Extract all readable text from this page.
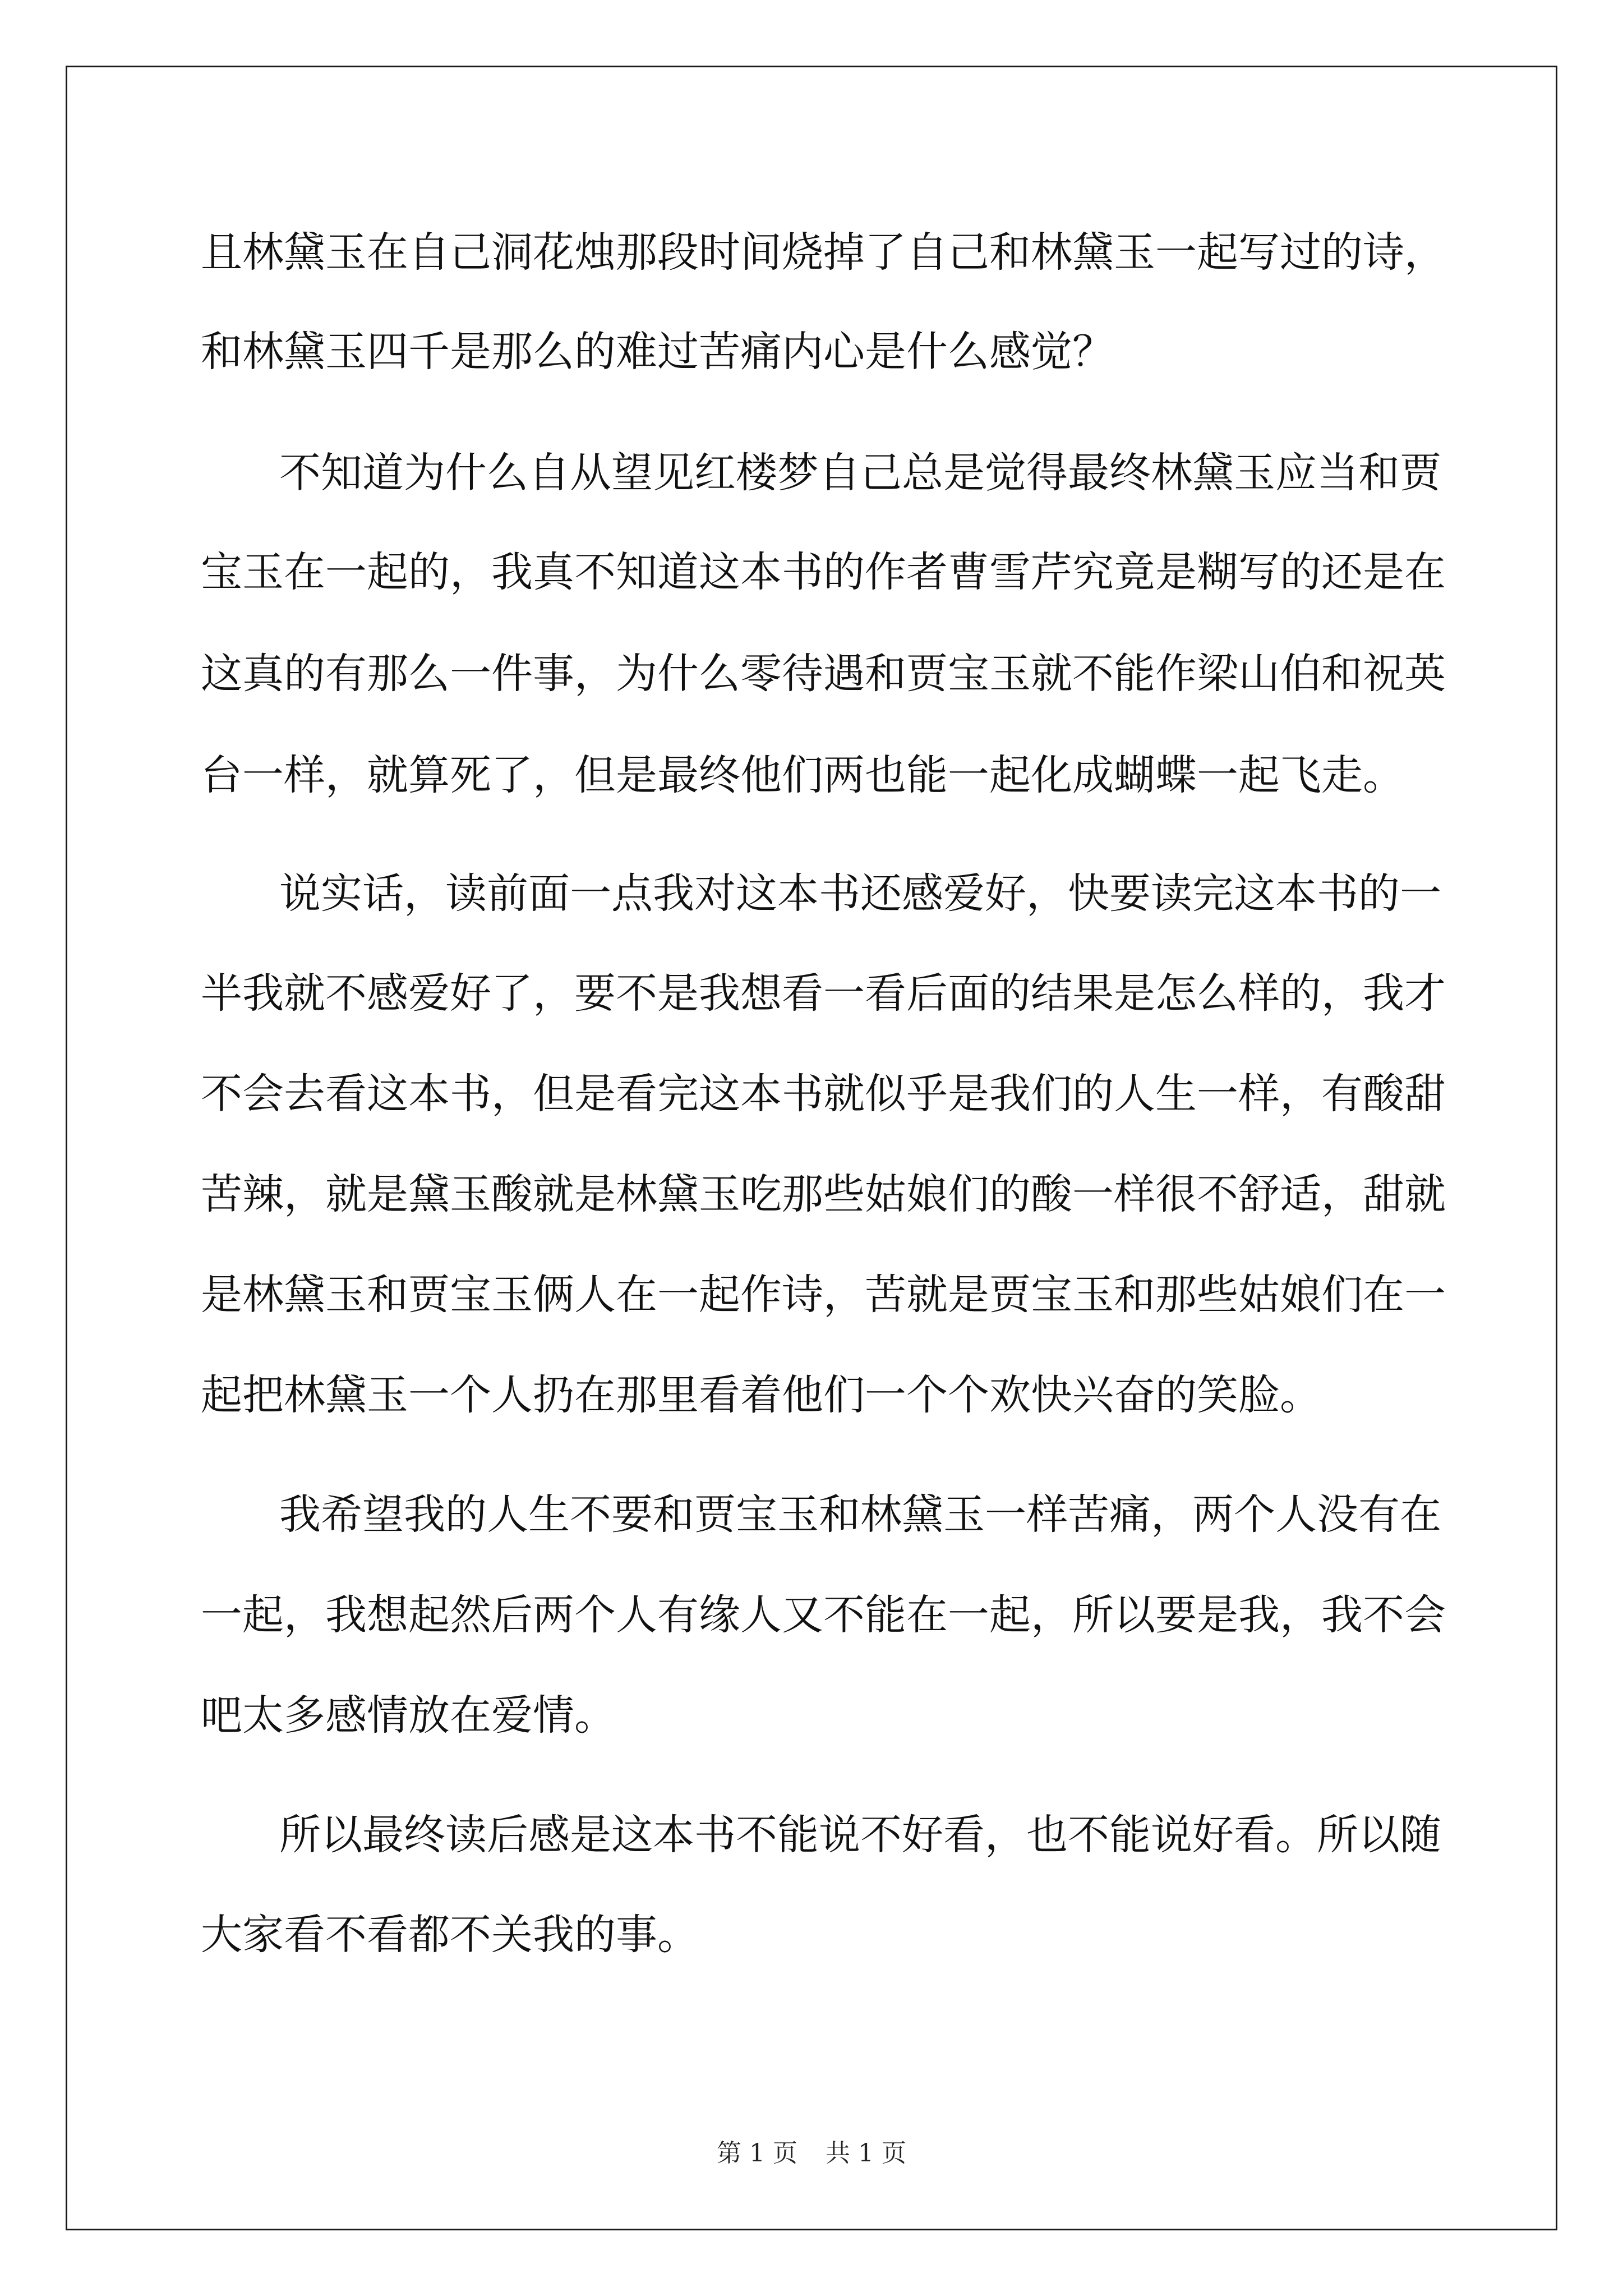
且林黛玉在自己洞花烛那段时间烧掉了自己和林黛玉一起写过的诗，
和林黛玉四千是那么的难过苦痛内心是什么感觉？
不知道为什么自从望见红楼梦自己总是觉得最终林黛玉应当和贾
宝玉在一起的，我真不知道这本书的作者曹雪芹究竟是糊写的还是在
这真的有那么一件事，为什么零待遇和贾宝玉就不能作梁山伯和祝英
台一样，就算死了，但是最终他们两也能一起化成蝴蝶一起飞走。
说实话，读前面一点我对这本书还感爱好，快要读完这本书的一
半我就不感爱好了，要不是我想看一看后面的结果是怎么样的，我才
不会去看这本书，但是看完这本书就似乎是我们的人生一样，有酸甜
苦辣，就是黛玉酸就是林黛玉吃那些姑娘们的酸一样很不舒适，甜就
是林黛玉和贾宝玉俩人在一起作诗，苦就是贾宝玉和那些姑娘们在一
起把林黛玉一个人扔在那里看着他们一个个欢快兴奋的笑脸。
我希望我的人生不要和贾宝玉和林黛玉一样苦痛，两个人没有在
一起，我想起然后两个人有缘人又不能在一起，所以要是我，我不会
吧太多感情放在爱情。
所以最终读后感是这本书不能说不好看，也不能说好看。所以随
大家看不看都不关我的事。
第 1 页 共 1 页
